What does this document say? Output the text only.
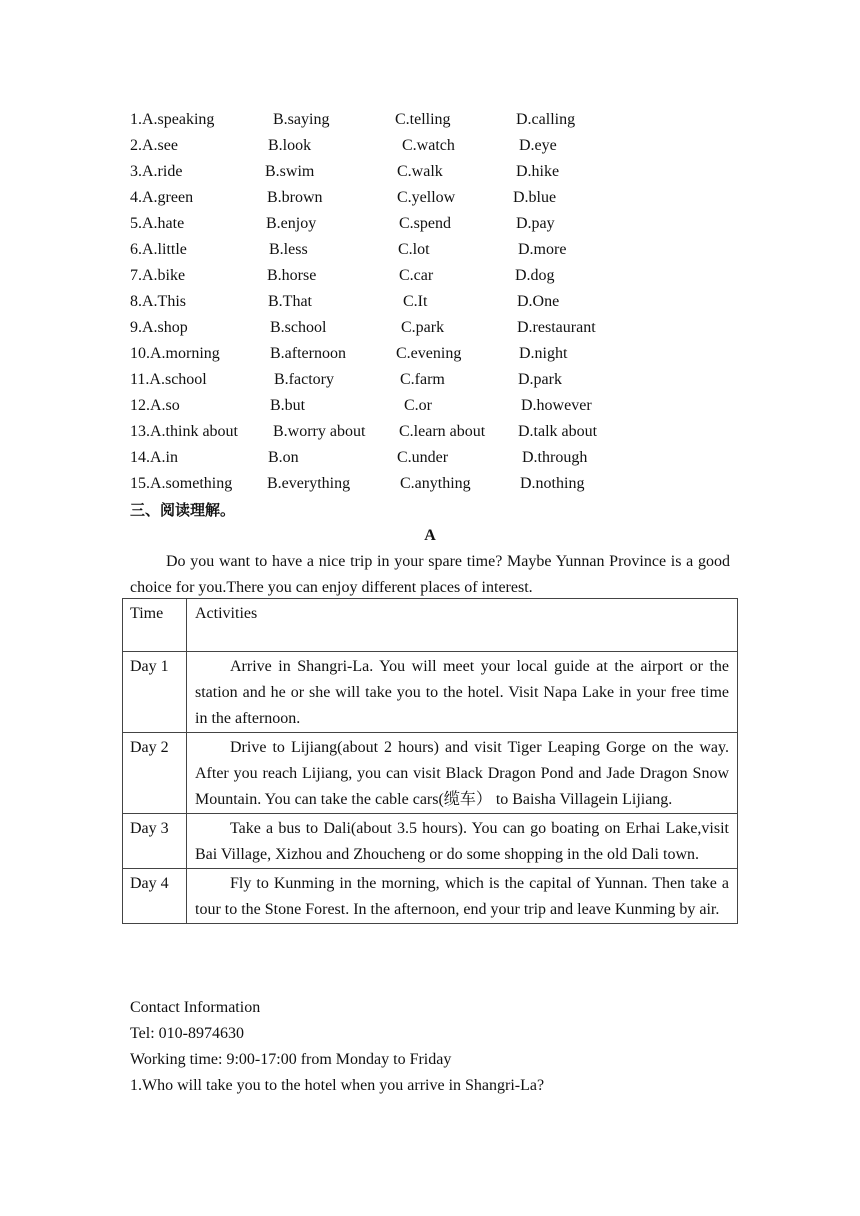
1.A.speaking	B.saying	C.telling	D.calling
2.A.see	B.look	C.watch	D.eye
3.A.ride	B.swim	C.walk	D.hike
4.A.green	B.brown	C.yellow	D.blue
5.A.hate	B.enjoy	C.spend	D.pay
6.A.little	B.less	C.lot	D.more
7.A.bike	B.horse	C.car	D.dog
8.A.This	B.That	C.It	D.One
9.A.shop	B.school	C.park	D.restaurant
10.A.morning	B.afternoon	C.evening	D.night
11.A.school	B.factory	C.farm	D.park
12.A.so	B.but	C.or	D.however
13.A.think about B.worry about C.learn about D.talk about
14.A.in	B.on	C.under	D.through
15.A.something B.everything	C.anything	D.nothing
三、阅读理解。
A
Do you want to have a nice trip in your spare time? Maybe Yunnan Province is a good choice for you.There you can enjoy different places of interest.
Time	Activities
Day 1	Arrive in Shangri-La. You will meet your local guide at the airport or the station and he or she will take you to the hotel. Visit Napa Lake in your free time in the afternoon.

Day 2	Drive to Lijiang(about 2 hours) and visit Tiger Leaping Gorge on the way. After you reach Lijiang, you can visit Black Dragon Pond and Jade Dragon Snow Mountain. You can take the cable cars(缆车） to Baisha Villagein Lijiang.

Day 3	Take a bus to Dali(about 3.5 hours). You can go boating on Erhai Lake,visit Bai Village, Xizhou and Zhoucheng or do some shopping in the old Dali town.

Day 4	Fly to Kunming in the morning, which is the capital of Yunnan. Then take a tour to the Stone Forest. In the afternoon, end your trip and leave Kunming by air.
Contact Information
Tel: 010-8974630
Working time: 9:00-17:00 from Monday to Friday
1.Who will take you to the hotel when you arrive in Shangri-La?
